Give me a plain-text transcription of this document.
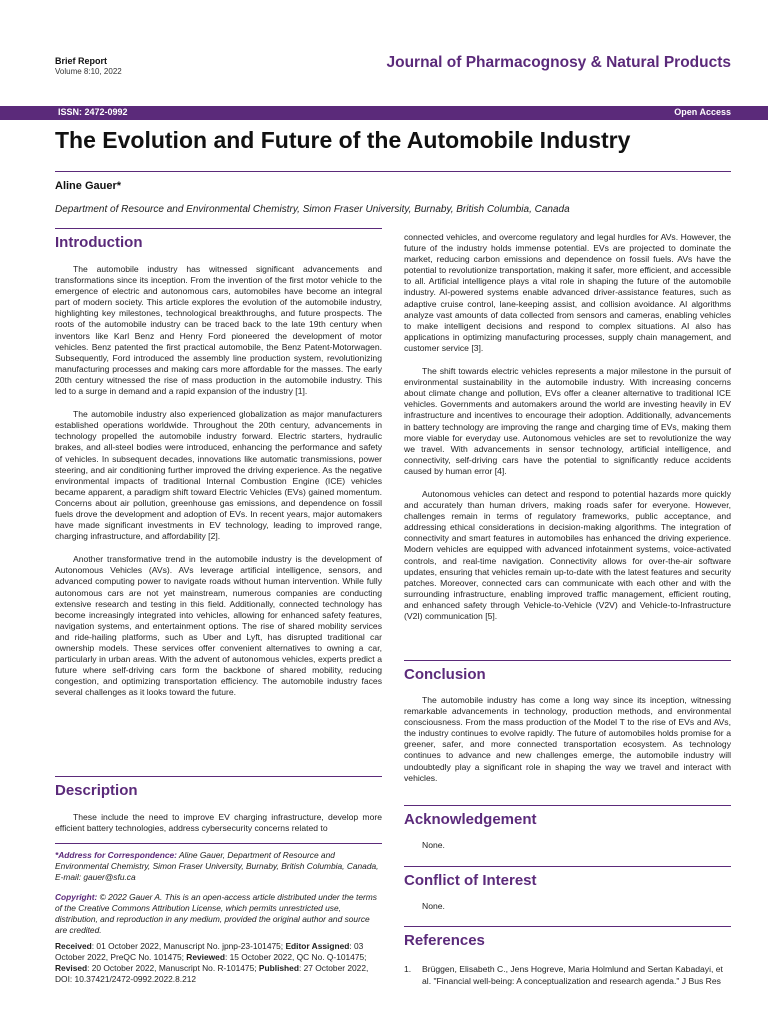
Brief Report
Volume 8:10, 2022
Journal of Pharmacognosy & Natural Products
ISSN: 2472-0992	Open Access
The Evolution and Future of the Automobile Industry
Aline Gauer*
Department of Resource and Environmental Chemistry, Simon Fraser University, Burnaby, British Columbia, Canada
Introduction

The automobile industry has witnessed significant advancements and transformations since its inception. From the invention of the first motor vehicle to the emergence of electric and autonomous cars, automobiles have become an integral part of modern society. This article explores the evolution of the automobile industry, highlighting key milestones, technological breakthroughs, and future prospects. The roots of the automobile industry can be traced back to the late 19th century when inventors like Karl Benz and Henry Ford pioneered the development of motor vehicles. Benz patented the first practical automobile, the Benz Patent-Motorwagen. Subsequently, Ford introduced the assembly line production system, revolutionizing manufacturing processes and making cars more affordable for the masses. The early 20th century witnessed the rise of mass production in the automobile industry. This led to a surge in demand and a rapid expansion of the industry [1].

The automobile industry also experienced globalization as major manufacturers established operations worldwide. Throughout the 20th century, advancements in technology propelled the automobile industry forward. Electric starters, hydraulic brakes, and all-steel bodies were introduced, enhancing the performance and safety of vehicles. In subsequent decades, innovations like automatic transmissions, power steering, and air conditioning further improved the driving experience. As the negative environmental impacts of traditional Internal Combustion Engine (ICE) vehicles became apparent, a paradigm shift toward Electric Vehicles (EVs) gained momentum. Concerns about air pollution, greenhouse gas emissions, and dependence on fossil fuels drove the development and adoption of EVs. In recent years, major automakers have made significant investments in EV technology, leading to improved range, charging infrastructure, and affordability [2].

Another transformative trend in the automobile industry is the development of Autonomous Vehicles (AVs). AVs leverage artificial intelligence, sensors, and advanced computing power to navigate roads without human intervention. While fully autonomous cars are not yet mainstream, numerous companies are conducting extensive research and testing in this field. Additionally, connected technology has become increasingly integrated into vehicles, allowing for enhanced safety features, navigation systems, and entertainment options. The rise of shared mobility services and ride-hailing platforms, such as Uber and Lyft, has disrupted traditional car ownership models. These services offer convenient alternatives to owning a car, particularly in urban areas. With the advent of autonomous vehicles, experts predict a future where self-driving cars form the backbone of shared mobility, reducing congestion, and optimizing transportation efficiency. The automobile industry faces several challenges as it looks toward the future.

Description

These include the need to improve EV charging infrastructure, develop more efficient battery technologies, address cybersecurity concerns related to

*Address for Correspondence: Aline Gauer, Department of Resource and Environmental Chemistry, Simon Fraser University, Burnaby, British Columbia, Canada, E-mail: gauer@sfu.ca
Copyright: © 2022 Gauer A. This is an open-access article distributed under the terms of the Creative Commons Attribution License, which permits unrestricted use, distribution, and reproduction in any medium, provided the original author and source are credited.
Received: 01 October 2022, Manuscript No. jpnp-23-101475; Editor Assigned: 03 October 2022, PreQC No. 101475; Reviewed: 15 October 2022, QC No. Q-101475; Revised: 20 October 2022, Manuscript No. R-101475; Published: 27 October 2022, DOI: 10.37421/2472-0992.2022.8.212

connected vehicles, and overcome regulatory and legal hurdles for AVs. However, the future of the industry holds immense potential. EVs are projected to dominate the market, reducing carbon emissions and dependence on fossil fuels. AVs have the potential to revolutionize transportation, making it safer, more efficient, and accessible to all. Artificial intelligence plays a vital role in shaping the future of the automobile industry. AI-powered systems enable advanced driver-assistance features, such as adaptive cruise control, lane-keeping assist, and collision avoidance. AI algorithms analyze vast amounts of data collected from sensors and cameras, enabling vehicles to make intelligent decisions and respond to complex situations. AI also has applications in optimizing manufacturing processes, supply chain management, and customer service [3].

The shift towards electric vehicles represents a major milestone in the pursuit of environmental sustainability in the automobile industry. With increasing concerns about climate change and pollution, EVs offer a cleaner alternative to traditional ICE vehicles. Governments and automakers around the world are investing heavily in EV infrastructure and incentives to encourage their adoption. Additionally, advancements in battery technology are improving the range and charging time of EVs, making them more viable for everyday use. Autonomous vehicles are set to revolutionize the way we travel. With advancements in sensor technology, artificial intelligence, and connectivity, self-driving cars have the potential to significantly reduce accidents caused by human error [4].

Autonomous vehicles can detect and respond to potential hazards more quickly and accurately than human drivers, making roads safer for everyone. However, challenges remain in terms of regulatory frameworks, public acceptance, and addressing ethical considerations in decision-making algorithms. The integration of connectivity and smart features in automobiles has enhanced the driving experience. Modern vehicles are equipped with advanced infotainment systems, voice-activated controls, and real-time navigation. Connectivity allows for over-the-air software updates, ensuring that vehicles remain up-to-date with the latest features and security patches. Moreover, connected cars can communicate with each other and with the surrounding infrastructure, enabling improved traffic management, efficient routing, and enhanced safety through Vehicle-to-Vehicle (V2V) and Vehicle-to-Infrastructure (V2I) communication [5].

Conclusion

The automobile industry has come a long way since its inception, witnessing remarkable advancements in technology, production methods, and environmental consciousness. From the mass production of the Model T to the rise of EVs and AVs, the industry continues to evolve rapidly. The future of automobiles holds promise for a greener, safer, and more connected transportation ecosystem. As technology continues to advance and new challenges emerge, the automobile industry will undoubtedly play a significant role in shaping the way we travel and interact with vehicles.

Acknowledgement

None.

Conflict of Interest

None.

References
1. Brüggen, Elisabeth C., Jens Hogreve, Maria Holmlund and Sertan Kabadayi, et al. "Financial well-being: A conceptualization and research agenda." J Bus Res
